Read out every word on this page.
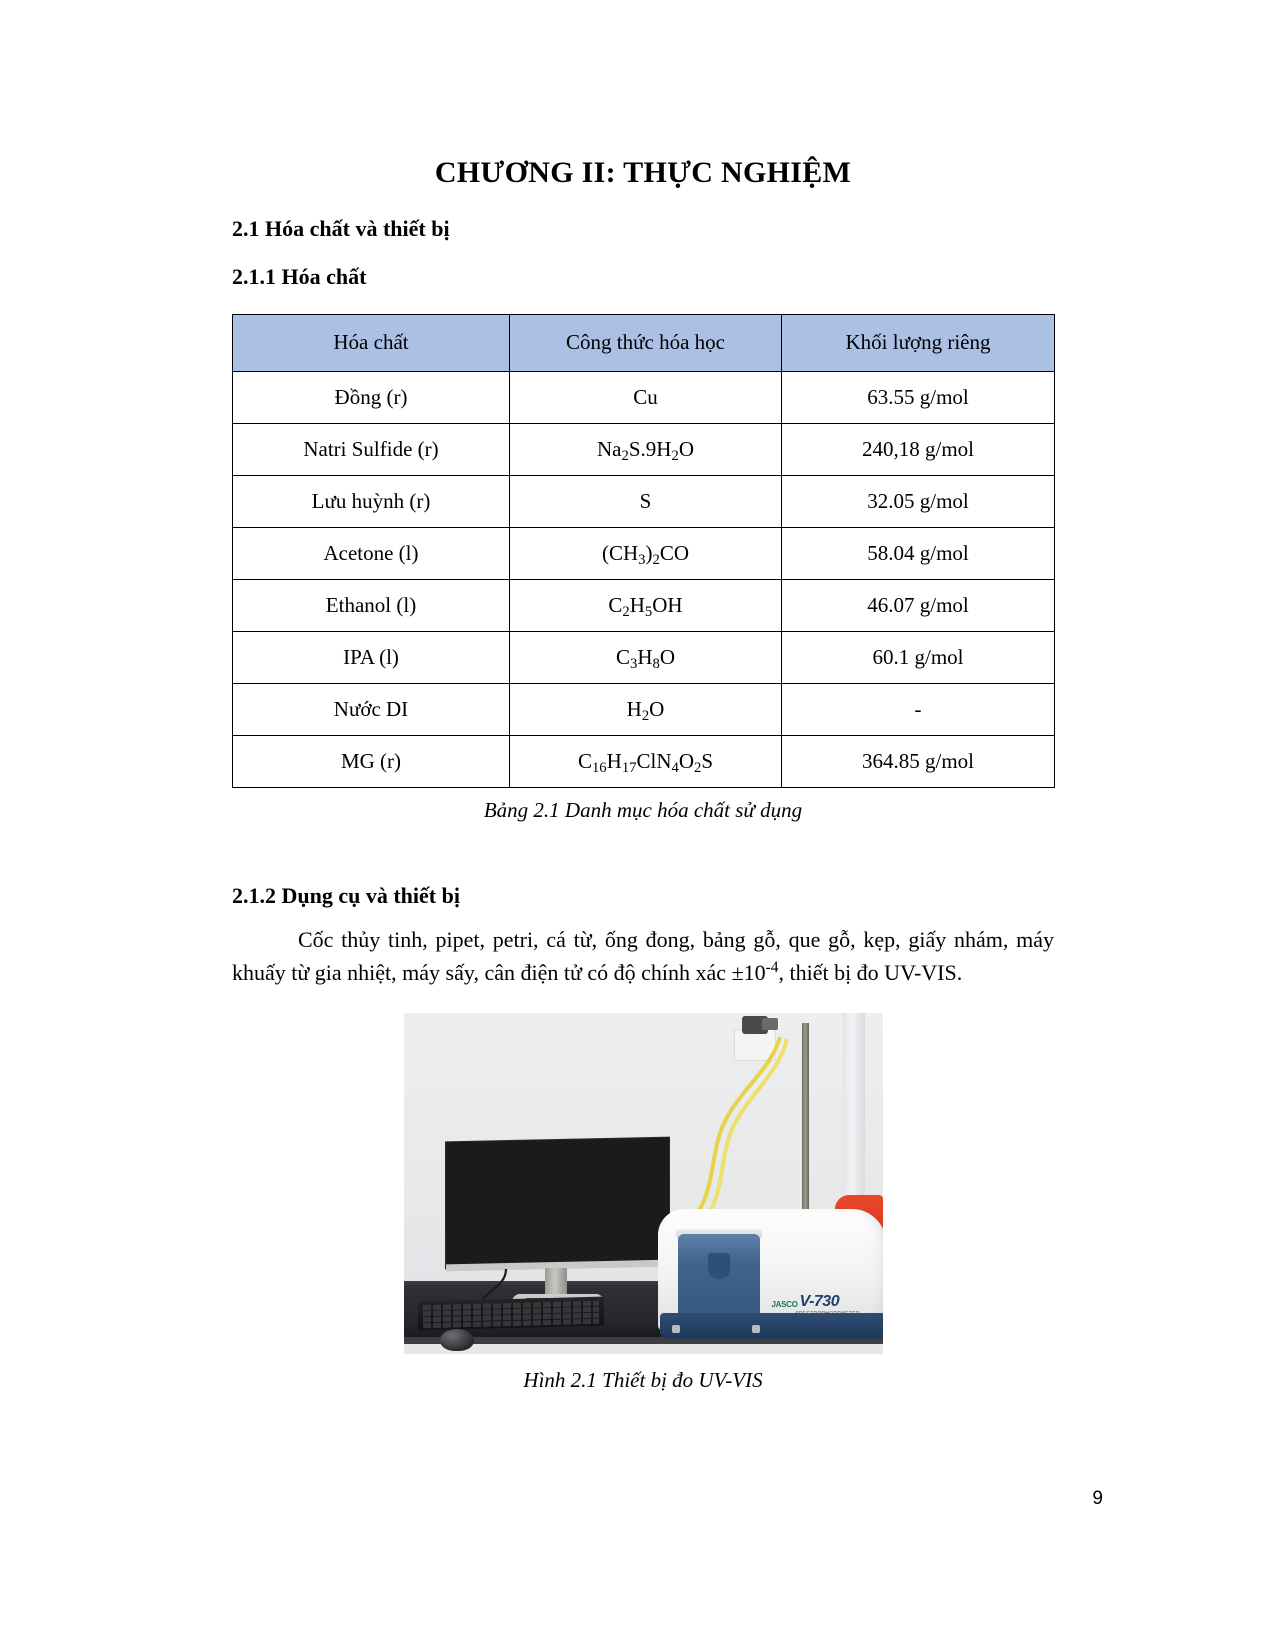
CHƯƠNG II: THỰC NGHIỆM
2.1 Hóa chất và thiết bị
2.1.1 Hóa chất
Hóa chất	Công thức hóa học	Khối lượng riêng
Đồng (r)	Cu	63.55 g/mol
Natri Sulfide (r)	$Na_2S.9H_2O$	240,18 g/mol
Lưu huỳnh (r)	S	32.05 g/mol
Acetone (l)	$(CH_3)_2CO$	58.04 g/mol
Ethanol (l)	$C_2H_5OH$	46.07 g/mol
IPA (l)	$C_3H_8O$	60.1 g/mol
Nước DI	$H_2O$	-
MG (r)	$C_{16}H_{17}ClN_4O_2S$	364.85 g/mol

Bảng 2.1 Danh mục hóa chất sử dụng

2.1.2 Dụng cụ và thiết bị

Cốc thủy tinh, pipet, petri, cá từ, ống đong, bảng gỗ, que gỗ, kẹp, giấy nhám, máy khuấy từ gia nhiệt, máy sấy, cân điện tử có độ chính xác $\pm 10^{-4}$, thiết bị đo UV-VIS.

JASCO V-730
SPECTROPHOTOMETER

Hình 2.1 Thiết bị đo UV-VIS

9
